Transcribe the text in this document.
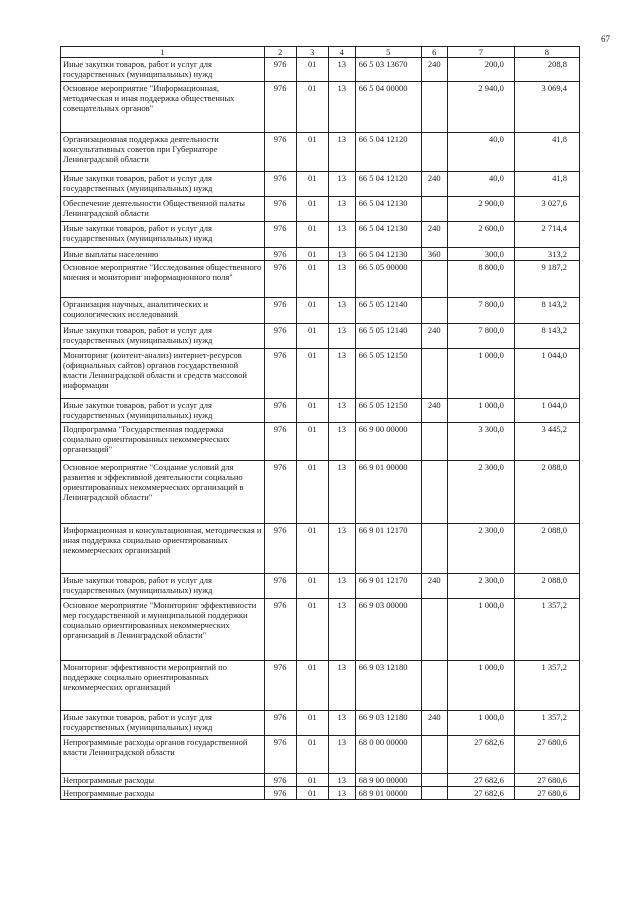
67
1	2	3	4	5	6	7	8
Иные закупки товаров, работ и услуг для государственных (муниципальных) нужд	976	01	13	66 5 03 13670	240	200,0	208,8
Основное мероприятие "Информационная, методическая и иная поддержка общественных совещательных органов"	976	01	13	66 5 04 00000		2 940,0	3 069,4
Организационная поддержка деятельности консультативных советов при Губернаторе Ленинградской области	976	01	13	66 5 04 12120		40,0	41,8
Иные закупки товаров, работ и услуг для государственных (муниципальных) нужд	976	01	13	66 5 04 12120	240	40,0	41,8
Обеспечение деятельности Общественной палаты Ленинградской области	976	01	13	66 5 04 12130		2 900,0	3 027,6
Иные закупки товаров, работ и услуг для государственных (муниципальных) нужд	976	01	13	66 5 04 12130	240	2 600,0	2 714,4
Иные выплаты населению	976	01	13	66 5 04 12130	360	300,0	313,2
Основное мероприятие "Исследования общественного мнения и мониторинг информационного поля"	976	01	13	66 5 05 00000		8 800,0	9 187,2
Организация научных, аналитических и социологических исследований	976	01	13	66 5 05 12140		7 800,0	8 143,2
Иные закупки товаров, работ и услуг для государственных (муниципальных) нужд	976	01	13	66 5 05 12140	240	7 800,0	8 143,2
Мониторинг (контент-анализ) интернет-ресурсов (официальных сайтов) органов государственной власти Ленинградской области и средств массовой информации	976	01	13	66 5 05 12150		1 000,0	1 044,0
Иные закупки товаров, работ и услуг для государственных (муниципальных) нужд	976	01	13	66 5 05 12150	240	1 000,0	1 044,0
Подпрограмма "Государственная поддержка социально ориентированных некоммерческих организаций"	976	01	13	66 9 00 00000		3 300,0	3 445,2
Основное мероприятие "Создание условий для развития и эффективной деятельности социально ориентированных некоммерческих организаций в Ленинградской области"	976	01	13	66 9 01 00000		2 300,0	2 088,0
Информационная и консультационная, методическая и иная поддержка социально ориентированных некоммерческих организаций	976	01	13	66 9 01 12170		2 300,0	2 088,0
Иные закупки товаров, работ и услуг для государственных (муниципальных) нужд	976	01	13	66 9 01 12170	240	2 300,0	2 088,0
Основное мероприятие "Мониторинг эффективности мер государственной и муниципальной поддержки социально ориентированных некоммерческих организаций в Ленинградской области"	976	01	13	66 9 03 00000		1 000,0	1 357,2
Мониторинг эффективности мероприятий по поддержке социально ориентированных некоммерческих организаций	976	01	13	66 9 03 12180		1 000,0	1 357,2
Иные закупки товаров, работ и услуг для государственных (муниципальных) нужд	976	01	13	66 9 03 12180	240	1 000,0	1 357,2
Непрограммные расходы органов государственной власти Ленинградской области	976	01	13	68 0 00 00000		27 682,6	27 680,6
Непрограммные расходы	976	01	13	68 9 00 00000		27 682,6	27 680,6
Непрограммные расходы	976	01	13	68 9 01 00000		27 682,6	27 680,6
